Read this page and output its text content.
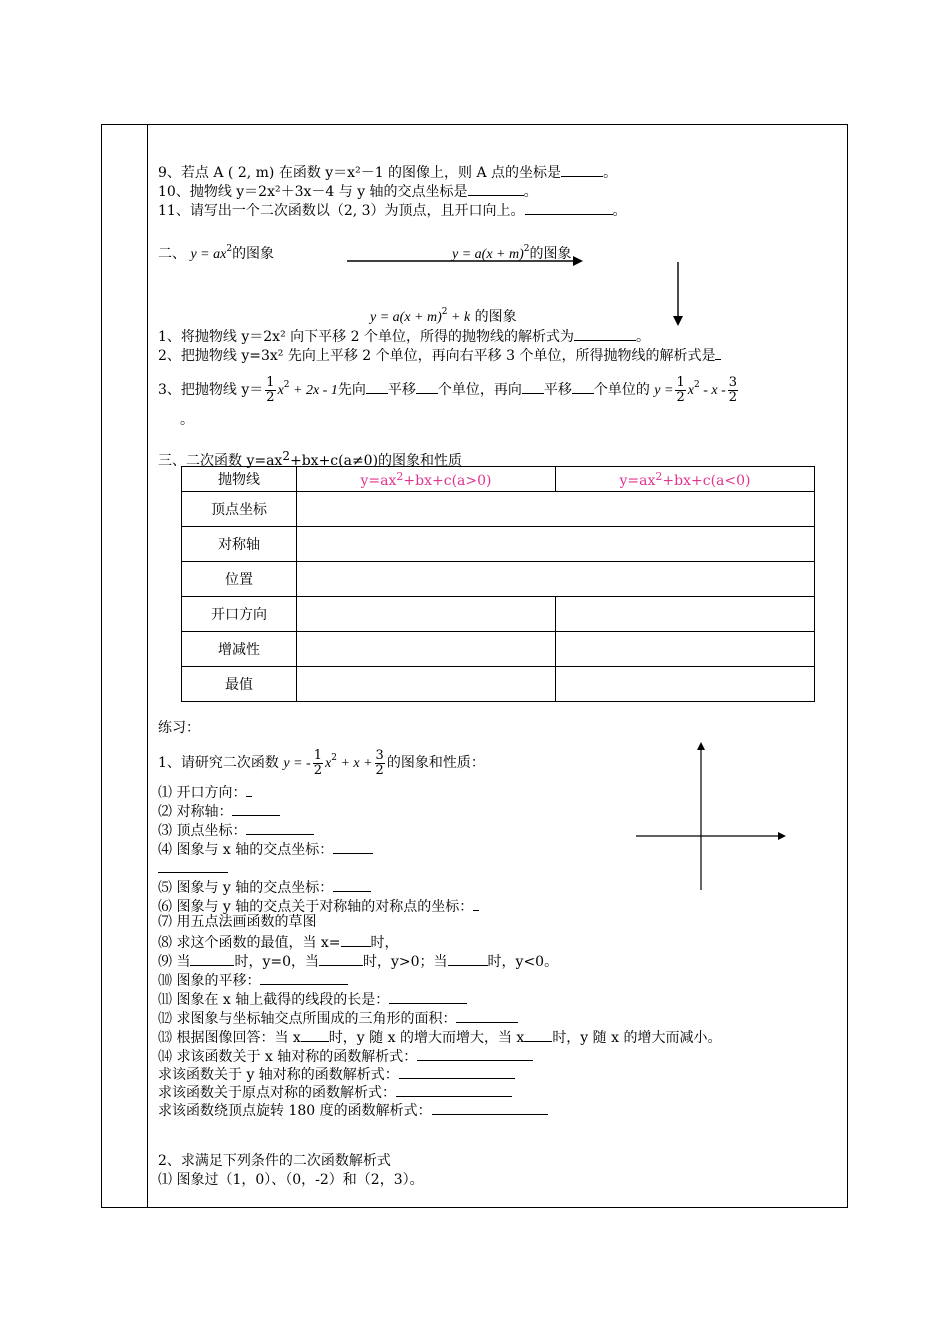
9、若点 A ( 2, m) 在函数 y＝x²－1 的图像上，则 A 点的坐标是	。
10、抛物线 y＝2x²＋3x－4 与 y 轴的交点坐标是	。
11、请写出一个二次函数以（2, 3）为顶点，且开口向上。	。
二、 $y = ax^2$的图象	$y = a(x + m)^2$的图象
$y = a(x + m)^2 + k$ 的图象
1、将抛物线 y＝2x² 向下平移 2 个单位，所得的抛物线的解析式为	。
2、把抛物线 y=3x² 先向上平移 2 个单位，再向右平移 3 个单位，所得抛物线的解析式是
3、把抛物线 $y= \frac{1}{2} x^2 + 2x - 1$先向 平移 个单位，再向 平移 个单位的 $y = \frac{1}{2} x^2 - x - \frac{3}{2}$
。
三、二次函数 y=ax2+bx+c(a≠0)的图象和性质
抛物线	$y=ax^2+bx+c(a>0)$	$y=ax^2+bx+c(a<0)$
顶点坐标		
对称轴		
位置		
开口方向		
增减性		
最值		
练习：
1、请研究二次函数 y = - $\frac{1}{2} x^2 + x + \frac{3}{2}$ 的图象和性质：
⑴ 开口方向：
⑵ 对称轴：
⑶ 顶点坐标：
⑷ 图象与 x 轴的交点坐标：
⑸ 图象与 y 轴的交点坐标：
⑹ 图象与 y 轴的交点关于对称轴的对称点的坐标：
⑺ 用五点法画函数的草图
⑻ 求这个函数的最值，当 x= 时，
⑼ 当	时，y=0，当	时，y>0；当	时，y<0。
⑽ 图象的平移：
⑾ 图象在 x 轴上截得的线段的长是：
⑿ 求图象与坐标轴交点所围成的三角形的面积：
⒀ 根据图像回答：当 x 时，y 随 x 的增大而增大，当 x 时，y 随 x 的增大而减小。
⒁ 求该函数关于 x 轴对称的函数解析式：
求该函数关于 y 轴对称的函数解析式：
求该函数关于原点对称的函数解析式：
求该函数绕顶点旋转 180 度的函数解析式：
2、求满足下列条件的二次函数解析式
⑴ 图象过（1，0）、（0，-2）和（2，3）。
